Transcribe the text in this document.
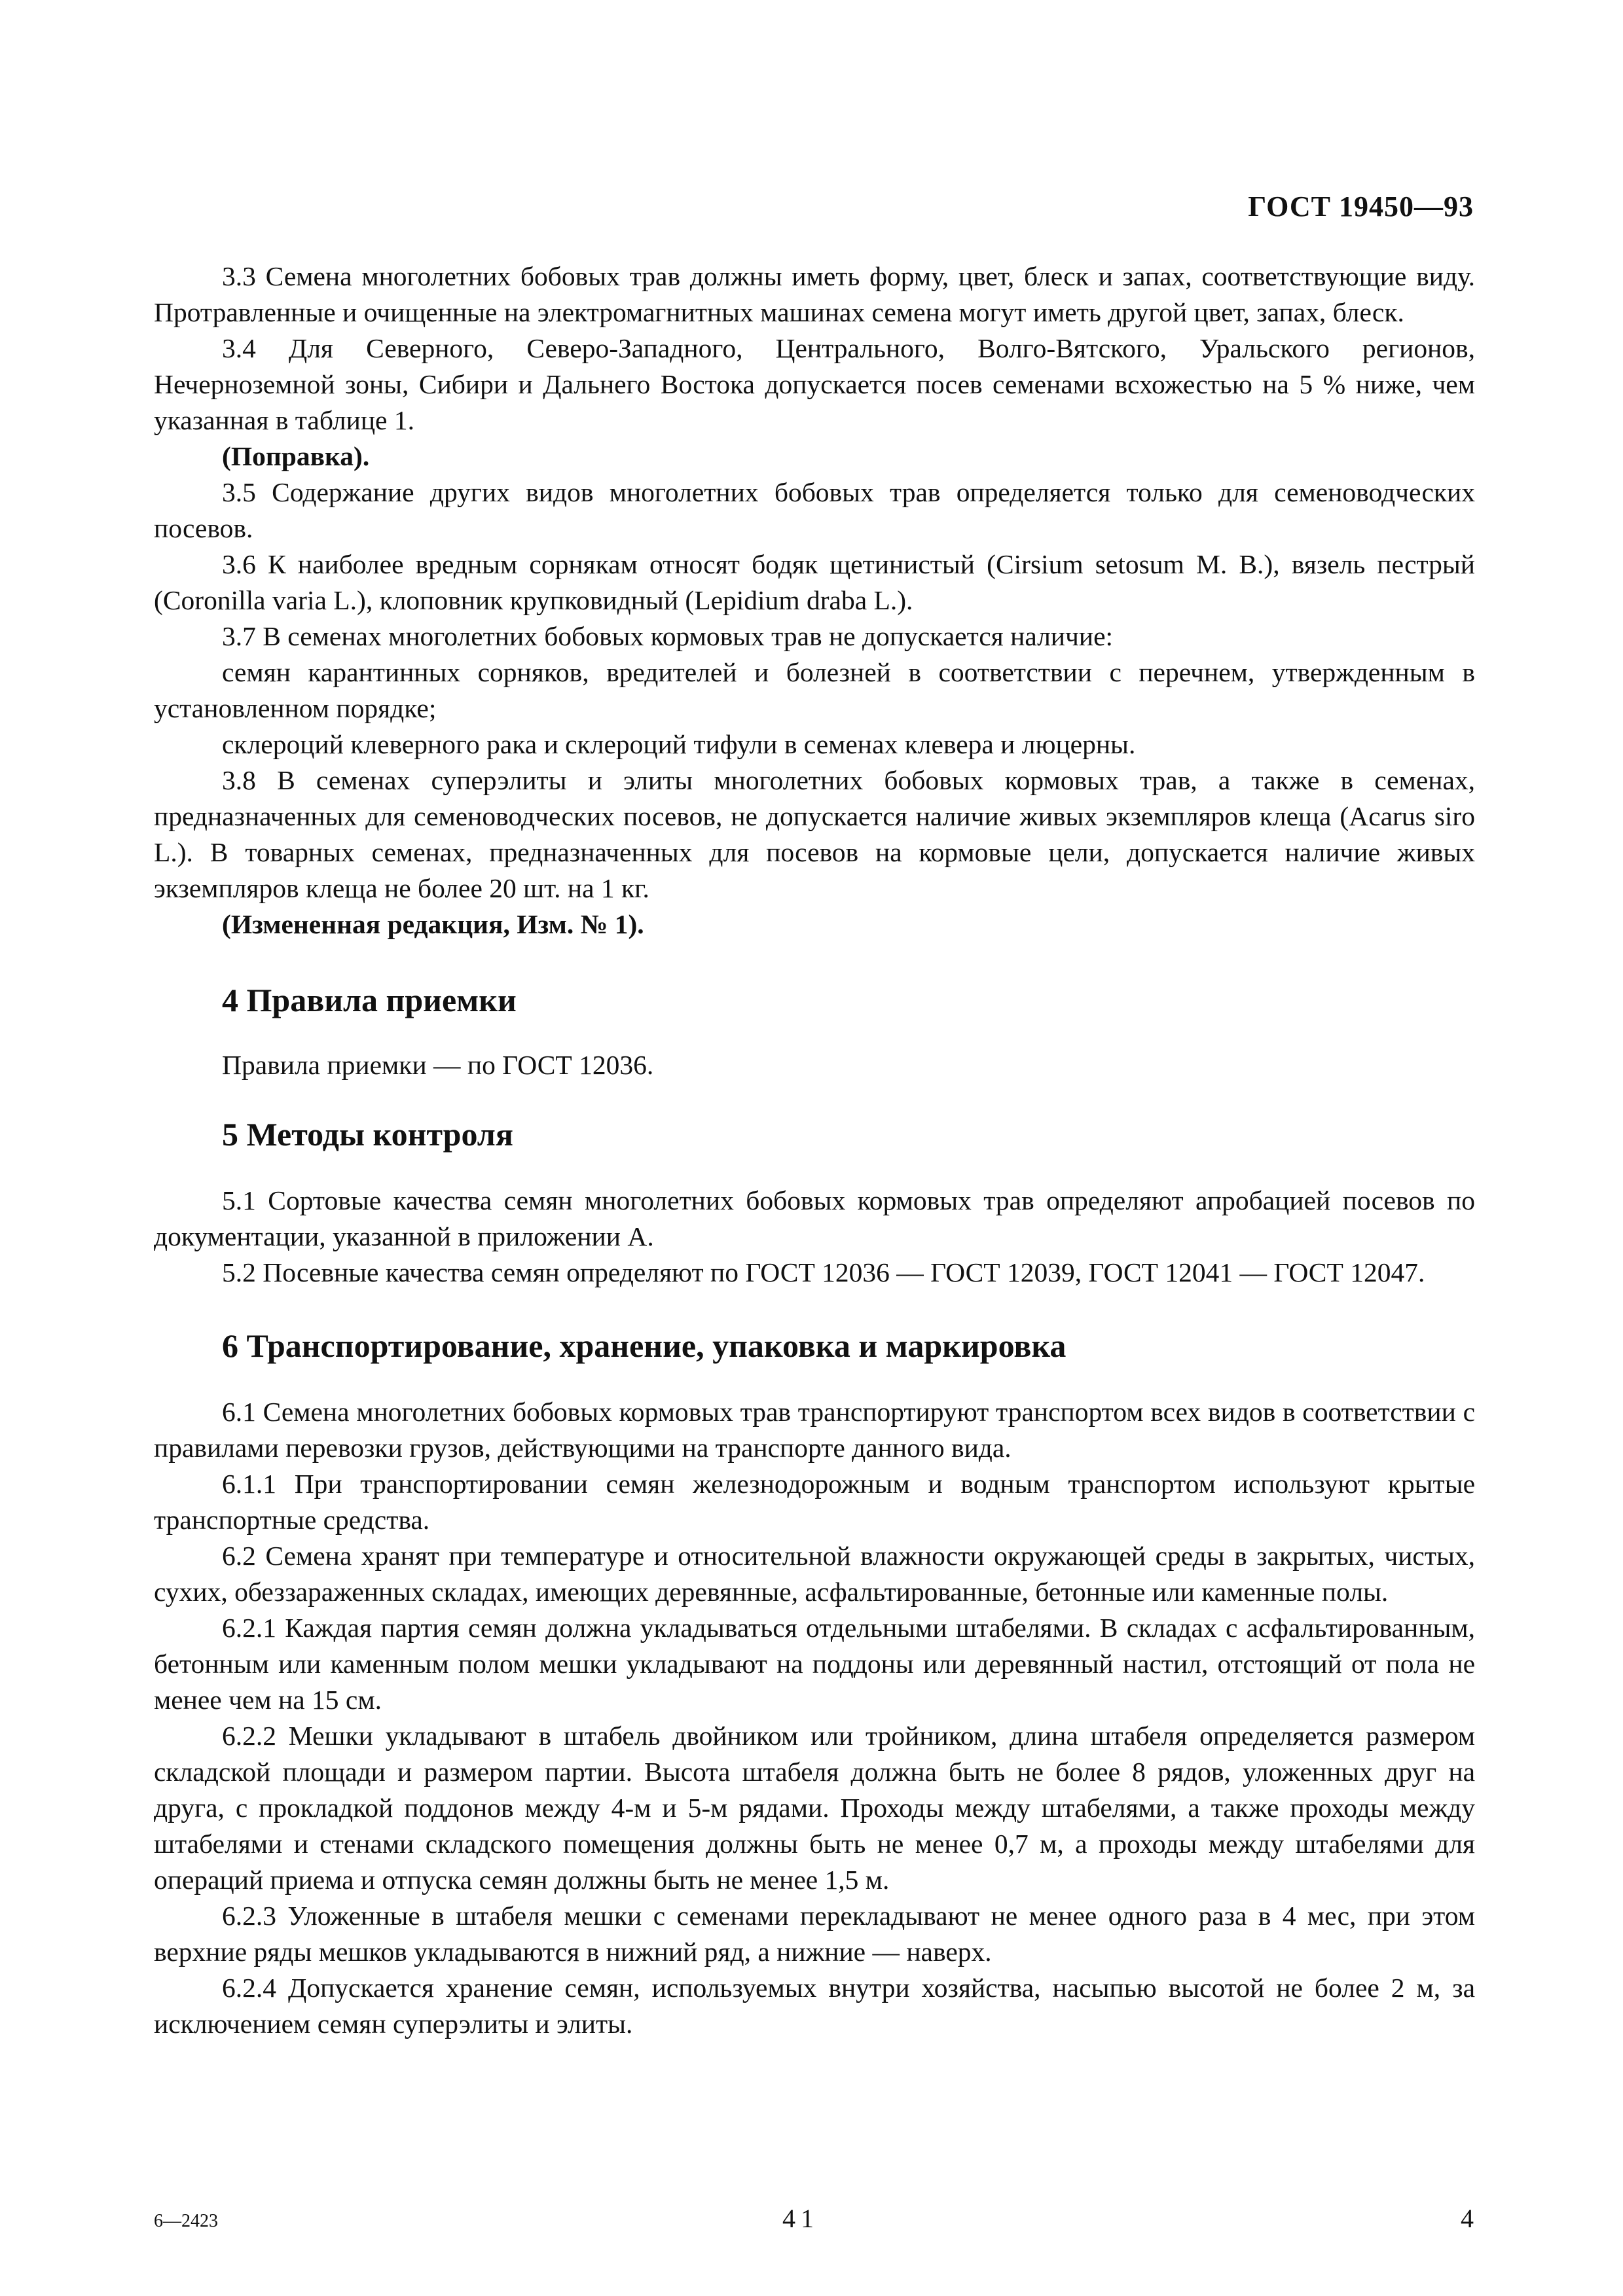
ГОСТ 19450—93

3.3 Семена многолетних бобовых трав должны иметь форму, цвет, блеск и запах, соответствующие виду. Протравленные и очищенные на электромагнитных машинах семена могут иметь другой цвет, запах, блеск.

3.4 Для Северного, Северо-Западного, Центрального, Волго-Вятского, Уральского регионов, Нечерноземной зоны, Сибири и Дальнего Востока допускается посев семенами всхожестью на 5 % ниже, чем указанная в таблице 1.

(Поправка).

3.5 Содержание других видов многолетних бобовых трав определяется только для семеноводческих посевов.

3.6 К наиболее вредным сорнякам относят бодяк щетинистый (Cirsium setosum M. B.), вязель пестрый (Coronilla varia L.), клоповник крупковидный (Lepidium draba L.).

3.7 В семенах многолетних бобовых кормовых трав не допускается наличие:

семян карантинных сорняков, вредителей и болезней в соответствии с перечнем, утвержденным в установленном порядке;

склероций клеверного рака и склероций тифули в семенах клевера и люцерны.

3.8 В семенах суперэлиты и элиты многолетних бобовых кормовых трав, а также в семенах, предназначенных для семеноводческих посевов, не допускается наличие живых экземпляров клеща (Acarus siro L.). В товарных семенах, предназначенных для посевов на кормовые цели, допускается наличие живых экземпляров клеща не более 20 шт. на 1 кг.

(Измененная редакция, Изм. № 1).

4 Правила приемки

Правила приемки — по ГОСТ 12036.

5 Методы контроля

5.1 Сортовые качества семян многолетних бобовых кормовых трав определяют апробацией посевов по документации, указанной в приложении А.

5.2 Посевные качества семян определяют по ГОСТ 12036 — ГОСТ 12039, ГОСТ 12041 — ГОСТ 12047.

6 Транспортирование, хранение, упаковка и маркировка

6.1 Семена многолетних бобовых кормовых трав транспортируют транспортом всех видов в соответствии с правилами перевозки грузов, действующими на транспорте данного вида.

6.1.1 При транспортировании семян железнодорожным и водным транспортом используют крытые транспортные средства.

6.2 Семена хранят при температуре и относительной влажности окружающей среды в закрытых, чистых, сухих, обеззараженных складах, имеющих деревянные, асфальтированные, бетонные или каменные полы.

6.2.1 Каждая партия семян должна укладываться отдельными штабелями. В складах с асфальтированным, бетонным или каменным полом мешки укладывают на поддоны или деревянный настил, отстоящий от пола не менее чем на 15 см.

6.2.2 Мешки укладывают в штабель двойником или тройником, длина штабеля определяется размером складской площади и размером партии. Высота штабеля должна быть не более 8 рядов, уложенных друг на друга, с прокладкой поддонов между 4-м и 5-м рядами. Проходы между штабелями, а также проходы между штабелями и стенами складского помещения должны быть не менее 0,7 м, а проходы между штабелями для операций приема и отпуска семян должны быть не менее 1,5 м.

6.2.3 Уложенные в штабеля мешки с семенами перекладывают не менее одного раза в 4 мес, при этом верхние ряды мешков укладываются в нижний ряд, а нижние — наверх.

6.2.4 Допускается хранение семян, используемых внутри хозяйства, насыпью высотой не более 2 м, за исключением семян суперэлиты и элиты.

6—2423	41	4
